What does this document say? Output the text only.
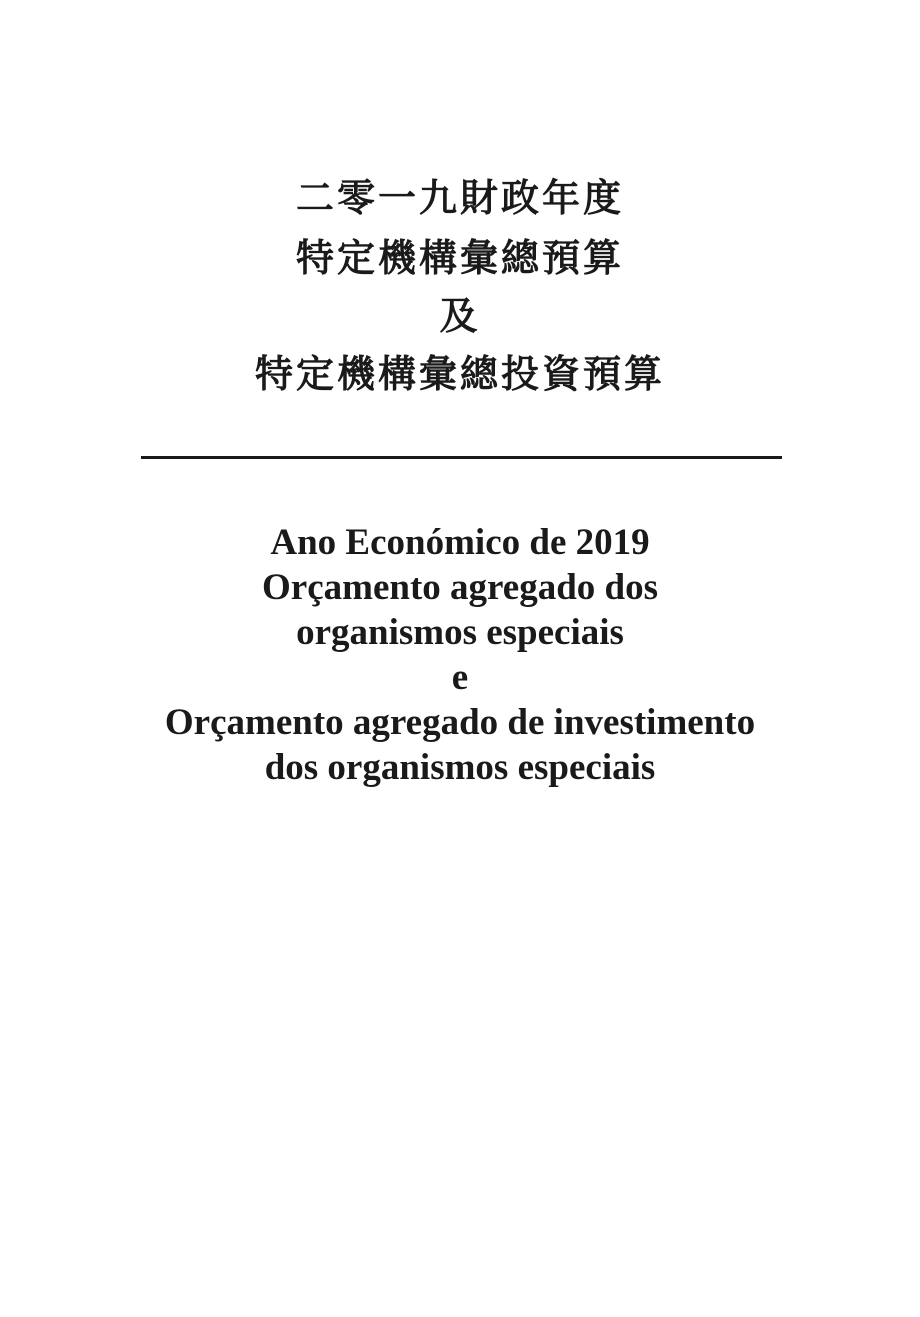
二零一九財政年度
特定機構彙總預算
及
特定機構彙總投資預算
Ano Económico de 2019
Orçamento agregado dos
organismos especiais
e
Orçamento agregado de investimento
dos organismos especiais
